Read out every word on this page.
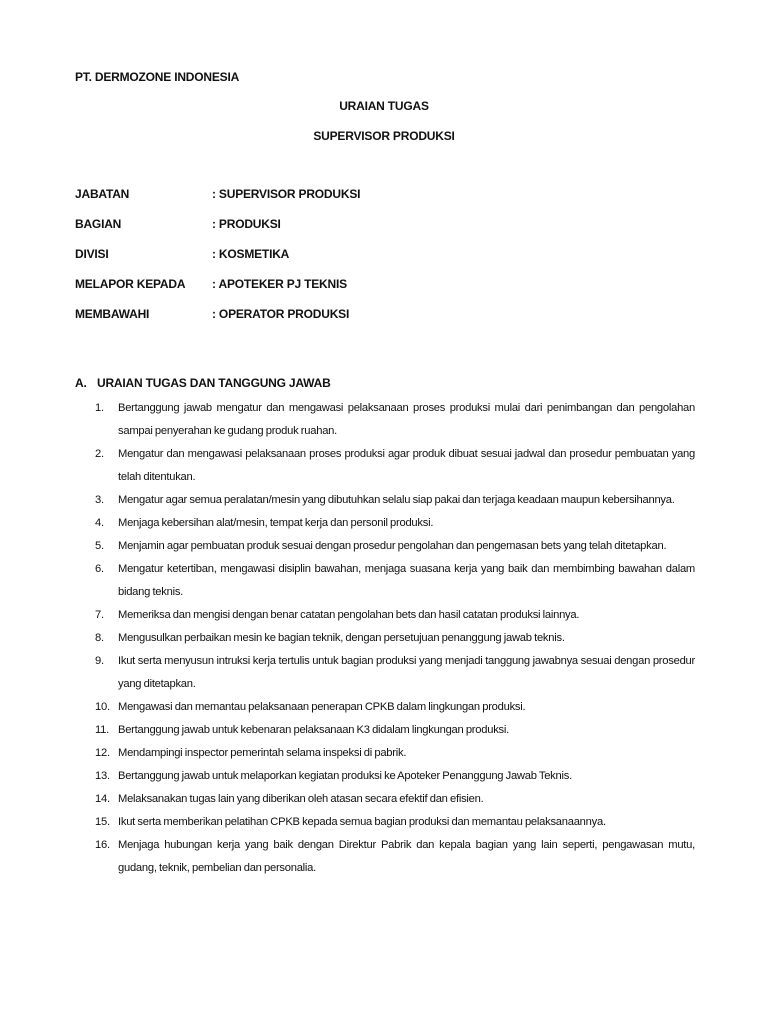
PT. DERMOZONE INDONESIA
URAIAN TUGAS
SUPERVISOR PRODUKSI
JABATAN	: SUPERVISOR PRODUKSI
BAGIAN	: PRODUKSI
DIVISI	: KOSMETIKA
MELAPOR KEPADA : APOTEKER PJ TEKNIS
MEMBAWAHI	: OPERATOR PRODUKSI
A. URAIAN TUGAS DAN TANGGUNG JAWAB
1.	Bertanggung jawab mengatur dan mengawasi pelaksanaan proses produksi mulai dari penimbangan dan pengolahan sampai penyerahan ke gudang produk ruahan.
2.	Mengatur dan mengawasi pelaksanaan proses produksi agar produk dibuat sesuai jadwal dan prosedur pembuatan yang telah ditentukan.
3.	Mengatur agar semua peralatan/mesin yang dibutuhkan selalu siap pakai dan terjaga keadaan maupun kebersihannya.
4.	Menjaga kebersihan alat/mesin, tempat kerja dan personil produksi.
5.	Menjamin agar pembuatan produk sesuai dengan prosedur pengolahan dan pengemasan bets yang telah ditetapkan.
6.	Mengatur ketertiban, mengawasi disiplin bawahan, menjaga suasana kerja yang baik dan membimbing bawahan dalam bidang teknis.
7.	Memeriksa dan mengisi dengan benar catatan pengolahan bets dan hasil catatan produksi lainnya.
8.	Mengusulkan perbaikan mesin ke bagian teknik, dengan persetujuan penanggung jawab teknis.
9.	Ikut serta menyusun intruksi kerja tertulis untuk bagian produksi yang menjadi tanggung jawabnya sesuai dengan prosedur yang ditetapkan.
10. Mengawasi dan memantau pelaksanaan penerapan CPKB dalam lingkungan produksi.
11. Bertanggung jawab untuk kebenaran pelaksanaan K3 didalam lingkungan produksi.
12. Mendampingi inspector pemerintah selama inspeksi di pabrik.
13. Bertanggung jawab untuk melaporkan kegiatan produksi ke Apoteker Penanggung Jawab Teknis.
14. Melaksanakan tugas lain yang diberikan oleh atasan secara efektif dan efisien.
15. Ikut serta memberikan pelatihan CPKB kepada semua bagian produksi dan memantau pelaksanaannya.
16. Menjaga hubungan kerja yang baik dengan Direktur Pabrik dan kepala bagian yang lain seperti, pengawasan mutu, gudang, teknik, pembelian dan personalia.
